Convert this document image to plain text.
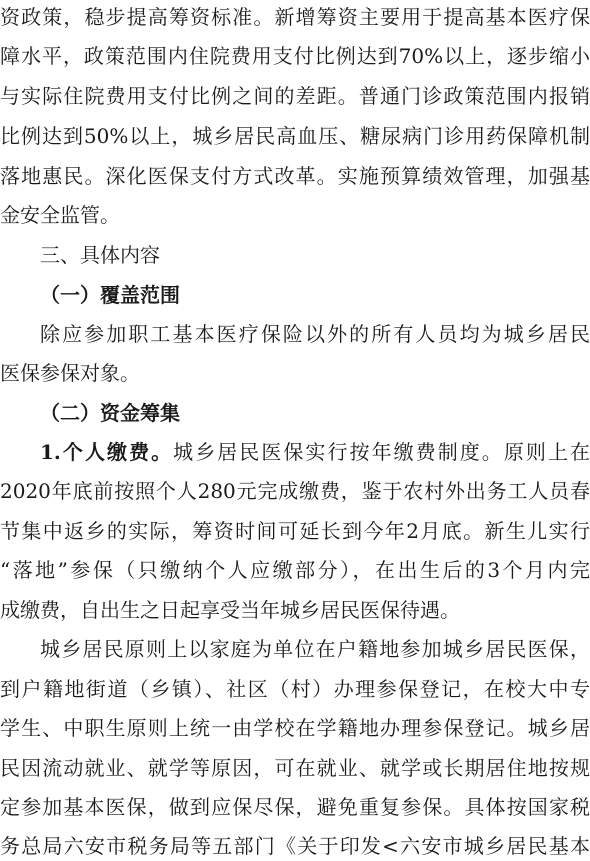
资政策，稳步提高筹资标准。新增筹资主要用于提高基本医疗保
障水平，政策范围内住院费用支付比例达到70%以上，逐步缩小
与实际住院费用支付比例之间的差距。普通门诊政策范围内报销
比例达到50%以上，城乡居民高血压、糖尿病门诊用药保障机制
落地惠民。深化医保支付方式改革。实施预算绩效管理，加强基
金安全监管。
三、具体内容
（一）覆盖范围
除应参加职工基本医疗保险以外的所有人员均为城乡居民
医保参保对象。
（二）资金筹集
1.个人缴费。城乡居民医保实行按年缴费制度。原则上在
2020年底前按照个人280元完成缴费，鉴于农村外出务工人员春
节集中返乡的实际，筹资时间可延长到今年2月底。新生儿实行
“落地”参保（只缴纳个人应缴部分），在出生后的3个月内完
成缴费，自出生之日起享受当年城乡居民医保待遇。
城乡居民原则上以家庭为单位在户籍地参加城乡居民医保，
到户籍地街道（乡镇）、社区（村）办理参保登记，在校大中专
学生、中职生原则上统一由学校在学籍地办理参保登记。城乡居
民因流动就业、就学等原因，可在就业、就学或长期居住地按规
定参加基本医保，做到应保尽保，避免重复参保。具体按国家税
务总局六安市税务局等五部门《关于印发<六安市城乡居民基本
